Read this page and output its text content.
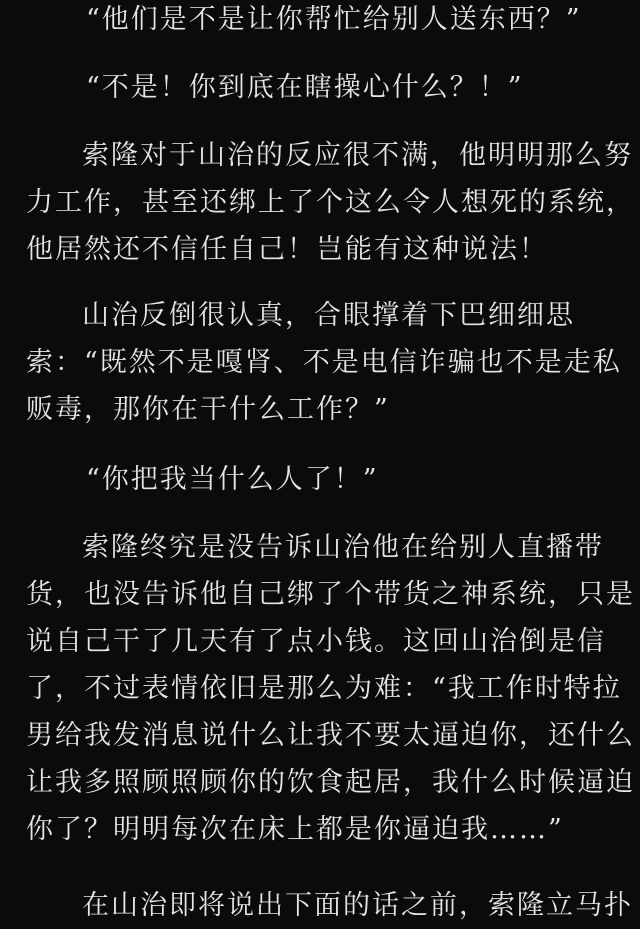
“他们是不是让你帮忙给别人送东西？”

“不是！你到底在瞎操心什么？！”

索隆对于山治的反应很不满，他明明那么努
力工作，甚至还绑上了个这么令人想死的系统，
他居然还不信任自己！岂能有这种说法！

山治反倒很认真，合眼撑着下巴细细思
索：“既然不是嘎肾、不是电信诈骗也不是走私
贩毒，那你在干什么工作？”

“你把我当什么人了！”

索隆终究是没告诉山治他在给别人直播带
货，也没告诉他自己绑了个带货之神系统，只是
说自己干了几天有了点小钱。这回山治倒是信
了，不过表情依旧是那么为难：“我工作时特拉
男给我发消息说什么让我不要太逼迫你，还什么
让我多照顾照顾你的饮食起居，我什么时候逼迫
你了？明明每次在床上都是你逼迫我……”

在山治即将说出下面的话之前，索隆立马扑
